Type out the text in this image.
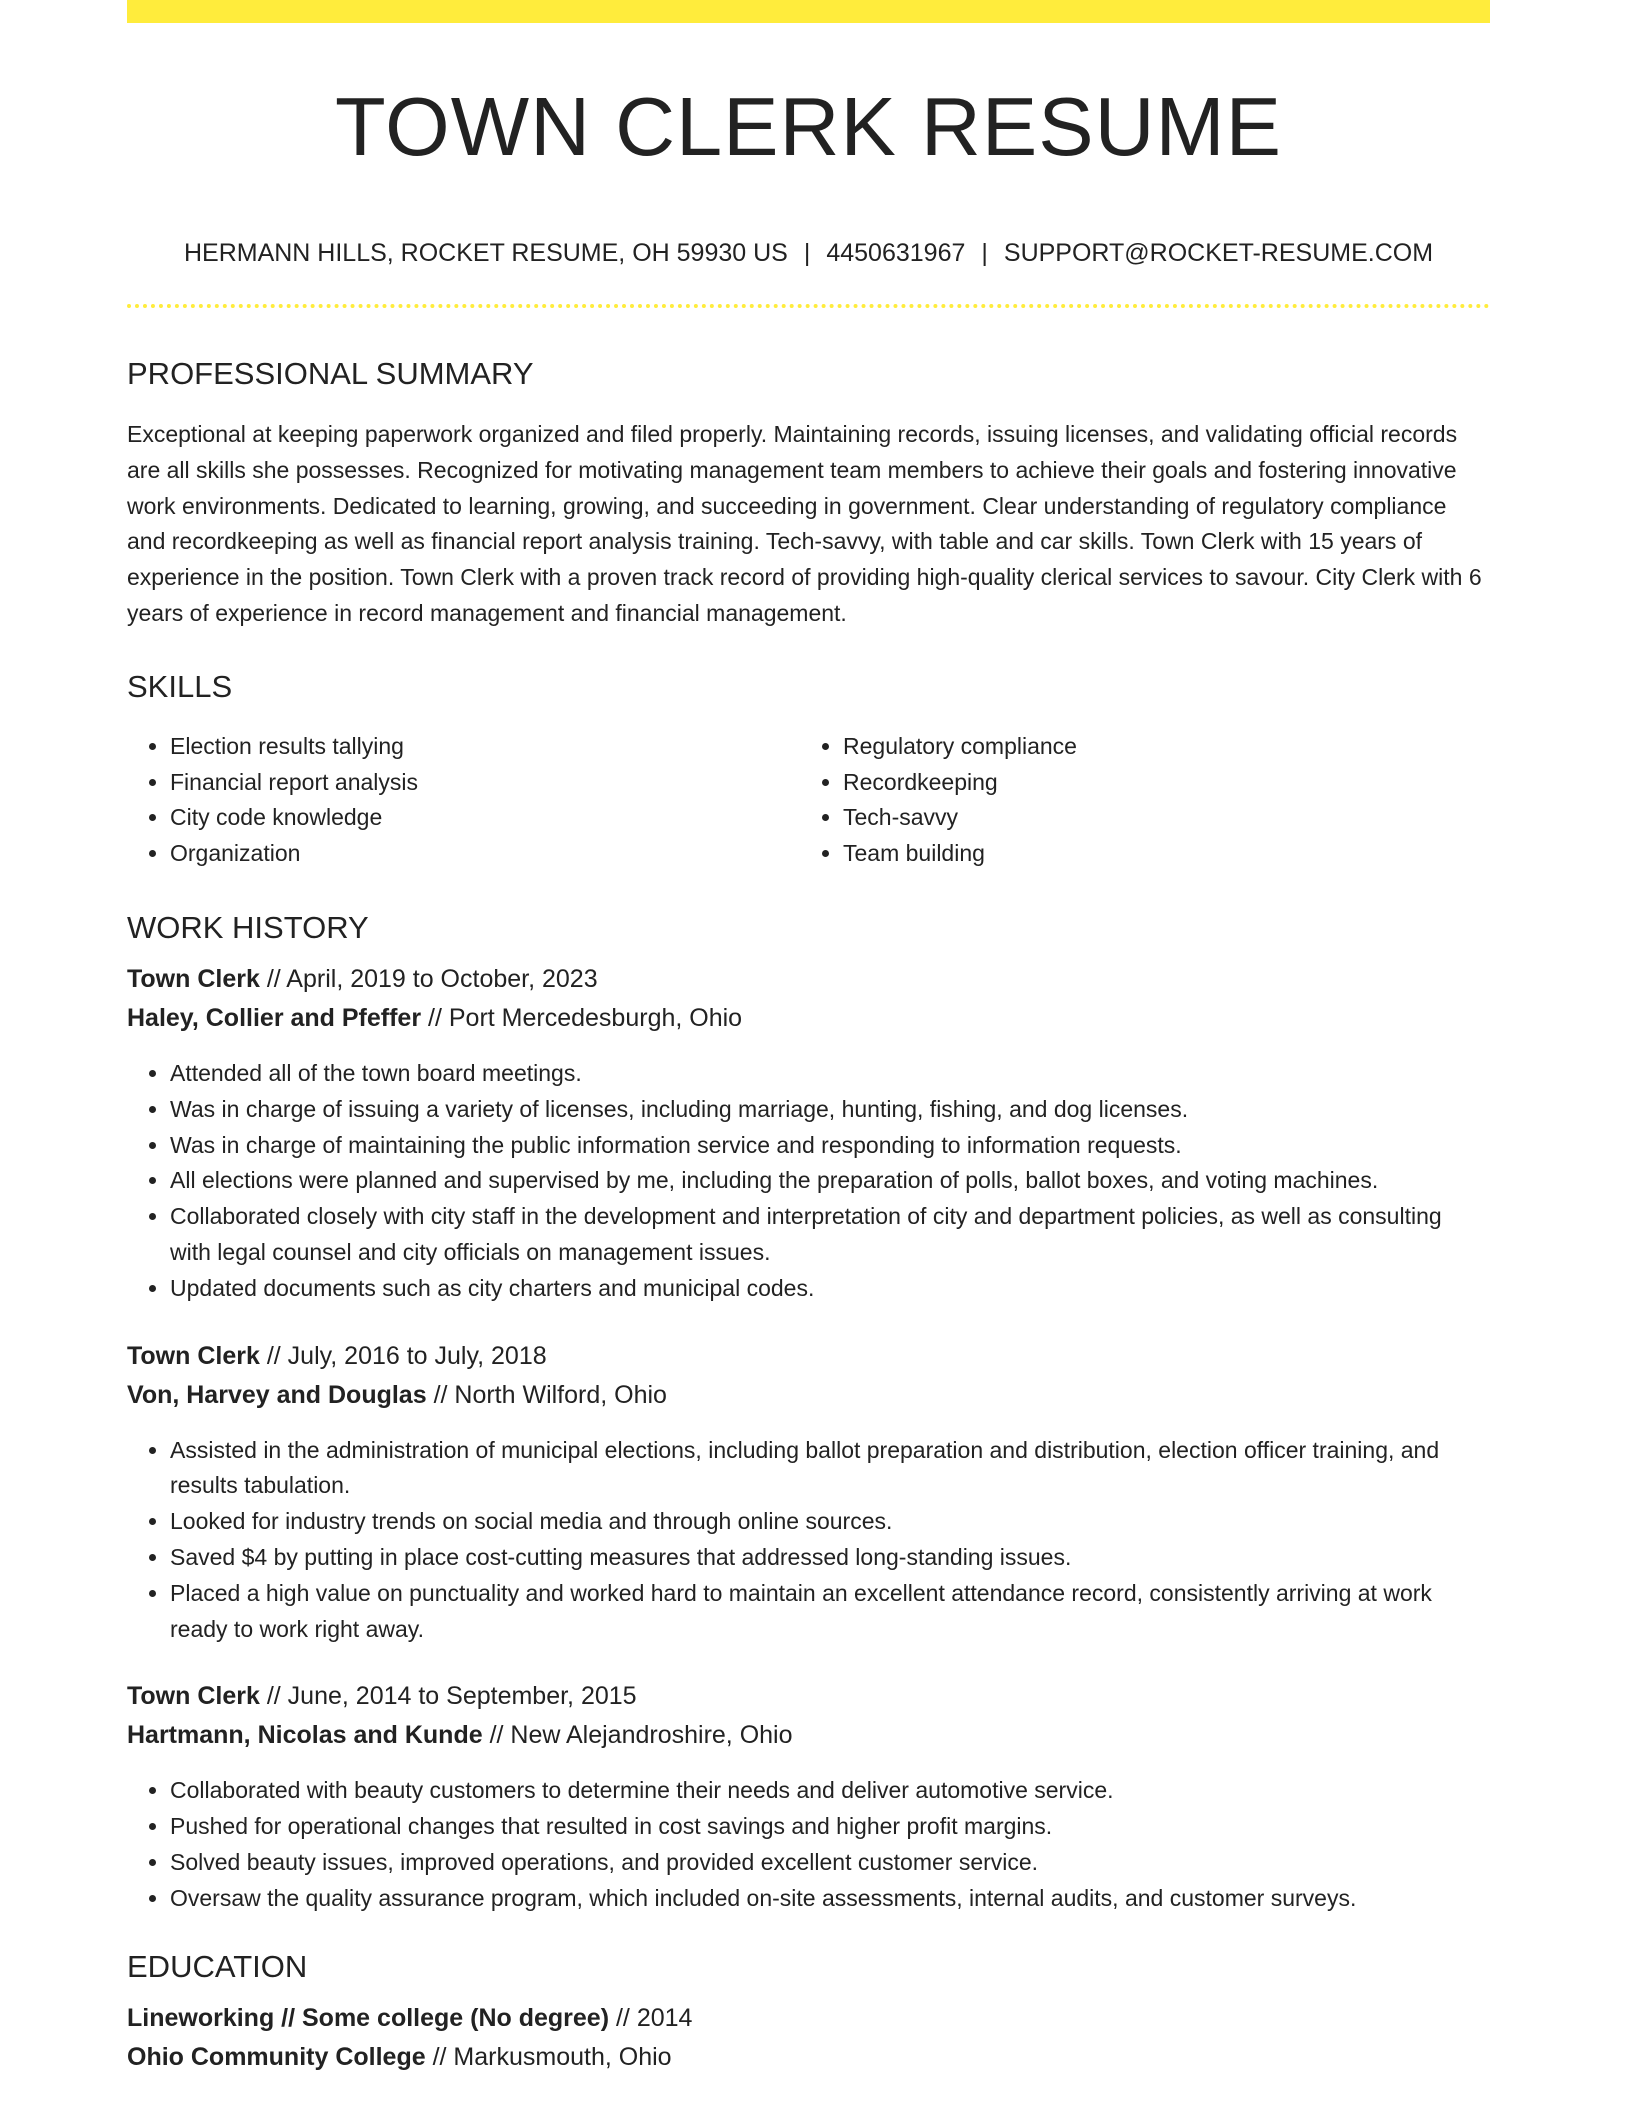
TOWN CLERK RESUME
HERMANN HILLS, ROCKET RESUME, OH 59930 US | 4450631967 | SUPPORT@ROCKET-RESUME.COM
PROFESSIONAL SUMMARY

Exceptional at keeping paperwork organized and filed properly. Maintaining records, issuing licenses, and validating official records are all skills she possesses. Recognized for motivating management team members to achieve their goals and fostering innovative work environments. Dedicated to learning, growing, and succeeding in government. Clear understanding of regulatory compliance and recordkeeping as well as financial report analysis training. Tech-savvy, with table and car skills. Town Clerk with 15 years of experience in the position. Town Clerk with a proven track record of providing high-quality clerical services to savour. City Clerk with 6 years of experience in record management and financial management.

SKILLS
• Election results tallying
• Financial report analysis
• City code knowledge
• Organization
• Regulatory compliance
• Recordkeeping
• Tech-savvy
• Team building
WORK HISTORY
Town Clerk // April, 2019 to October, 2023
Haley, Collier and Pfeffer // Port Mercedesburgh, Ohio
• Attended all of the town board meetings.
• Was in charge of issuing a variety of licenses, including marriage, hunting, fishing, and dog licenses.
• Was in charge of maintaining the public information service and responding to information requests.
• All elections were planned and supervised by me, including the preparation of polls, ballot boxes, and voting machines.
• Collaborated closely with city staff in the development and interpretation of city and department policies, as well as consulting with legal counsel and city officials on management issues.
• Updated documents such as city charters and municipal codes.
Town Clerk // July, 2016 to July, 2018
Von, Harvey and Douglas // North Wilford, Ohio
• Assisted in the administration of municipal elections, including ballot preparation and distribution, election officer training, and results tabulation.
• Looked for industry trends on social media and through online sources.
• Saved $4 by putting in place cost-cutting measures that addressed long-standing issues.
• Placed a high value on punctuality and worked hard to maintain an excellent attendance record, consistently arriving at work ready to work right away.
Town Clerk // June, 2014 to September, 2015
Hartmann, Nicolas and Kunde // New Alejandroshire, Ohio
• Collaborated with beauty customers to determine their needs and deliver automotive service.
• Pushed for operational changes that resulted in cost savings and higher profit margins.
• Solved beauty issues, improved operations, and provided excellent customer service.
• Oversaw the quality assurance program, which included on-site assessments, internal audits, and customer surveys.
EDUCATION
Lineworking // Some college (No degree) // 2014
Ohio Community College // Markusmouth, Ohio
